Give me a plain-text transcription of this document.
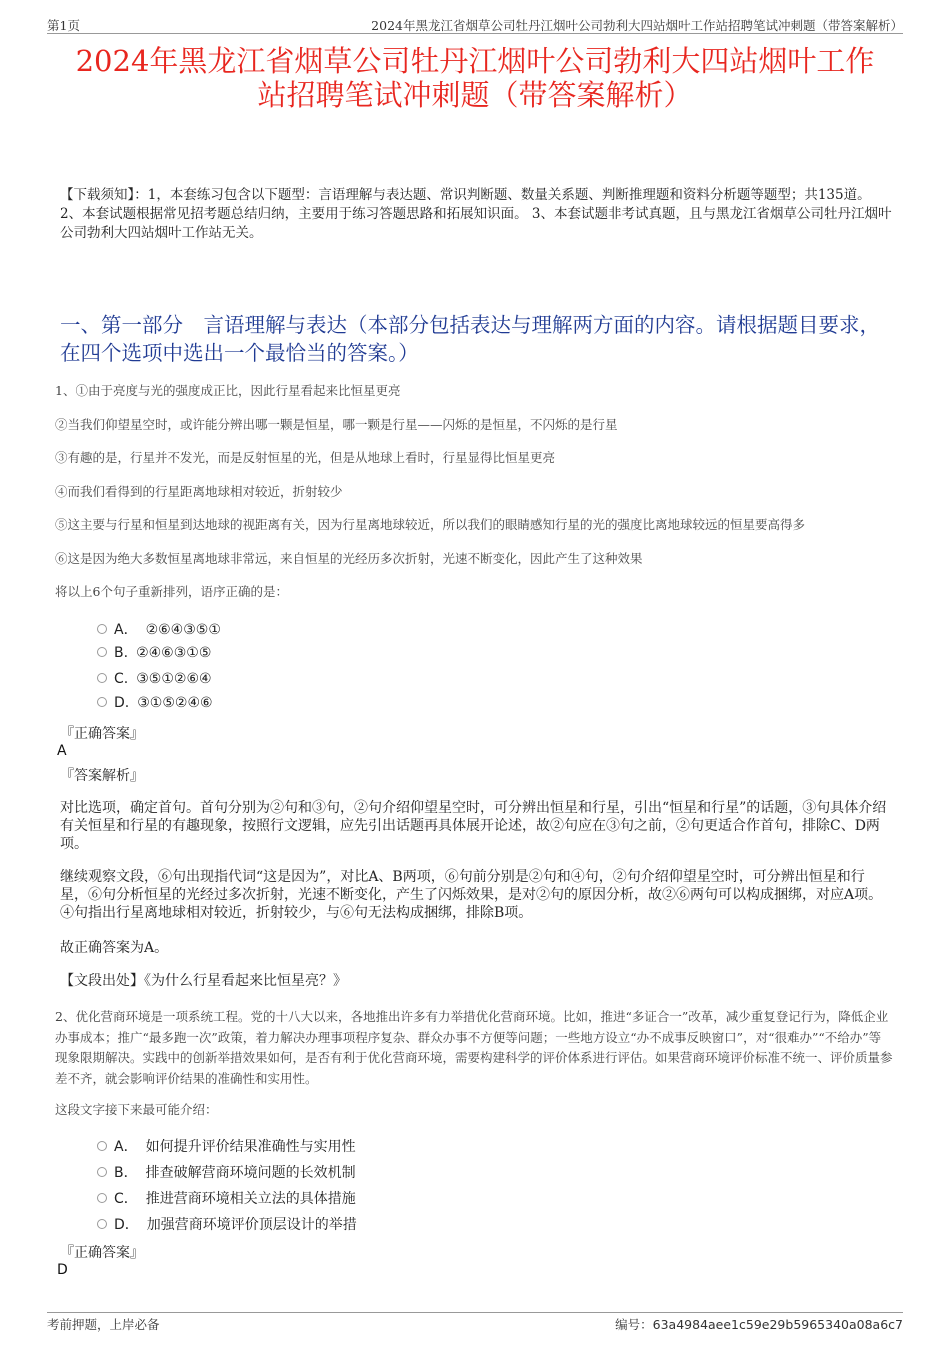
第1页	2024年黑龙江省烟草公司牡丹江烟叶公司勃利大四站烟叶工作站招聘笔试冲刺题（带答案解析）
2024年黑龙江省烟草公司牡丹江烟叶公司勃利大四站烟叶工作
站招聘笔试冲刺题（带答案解析）

【下载须知】：1，本套练习包含以下题型：言语理解与表达题、常识判断题、数量关系题、判断推理题和资料分析题等题型；共135道。 2、本套试题根据常见招考题总结归纳，主要用于练习答题思路和拓展知识面。 3、本套试题非考试真题，且与黑龙江省烟草公司牡丹江烟叶公司勃利大四站烟叶工作站无关。

一、第一部分　言语理解与表达（本部分包括表达与理解两方面的内容。请根据题目要求，在四个选项中选出一个最恰当的答案。）

1、①由于亮度与光的强度成正比，因此行星看起来比恒星更亮

②当我们仰望星空时，或许能分辨出哪一颗是恒星，哪一颗是行星——闪烁的是恒星，不闪烁的是行星

③有趣的是，行星并不发光，而是反射恒星的光，但是从地球上看时，行星显得比恒星更亮

④而我们看得到的行星距离地球相对较近，折射较少

⑤这主要与行星和恒星到达地球的视距离有关，因为行星离地球较近，所以我们的眼睛感知行星的光的强度比离地球较远的恒星要高得多

⑥这是因为绝大多数恒星离地球非常远，来自恒星的光经历多次折射，光速不断变化，因此产生了这种效果

将以上6个句子重新排列，语序正确的是：

A． ②⑥④③⑤①
B. ②④⑥③①⑤
C. ③⑤①②⑥④
D. ③①⑤②④⑥
『正确答案』
A
『答案解析』

对比选项，确定首句。首句分别为②句和③句，②句介绍仰望星空时，可分辨出恒星和行星，引出“恒星和行星”的话题，③句具体介绍有关恒星和行星的有趣现象，按照行文逻辑，应先引出话题再具体展开论述，故②句应在③句之前，②句更适合作首句，排除C、D两项。

继续观察文段，⑥句出现指代词“这是因为”，对比A、B两项，⑥句前分别是②句和④句，②句介绍仰望星空时，可分辨出恒星和行星，⑥句分析恒星的光经过多次折射，光速不断变化，产生了闪烁效果，是对②句的原因分析，故②⑥两句可以构成捆绑，对应A项。④句指出行星离地球相对较近，折射较少，与⑥句无法构成捆绑，排除B项。

故正确答案为A。

【文段出处】《为什么行星看起来比恒星亮？》

2、优化营商环境是一项系统工程。党的十八大以来，各地推出许多有力举措优化营商环境。比如，推进“多证合一”改革，减少重复登记行为，降低企业办事成本；推广“最多跑一次”政策，着力解决办理事项程序复杂、群众办事不方便等问题；一些地方设立“办不成事反映窗口”，对“很难办”“不给办”等现象限期解决。实践中的创新举措效果如何，是否有利于优化营商环境，需要构建科学的评价体系进行评估。如果营商环境评价标准不统一、评价质量参差不齐，就会影响评价结果的准确性和实用性。

这段文字接下来最可能介绍：

A． 如何提升评价结果准确性与实用性
B． 排查破解营商环境问题的长效机制
C． 推进营商环境相关立法的具体措施
D． 加强营商环境评价顶层设计的举措
『正确答案』
D
考前押题，上岸必备	编号：63a4984aee1c59e29b5965340a08a6c7
